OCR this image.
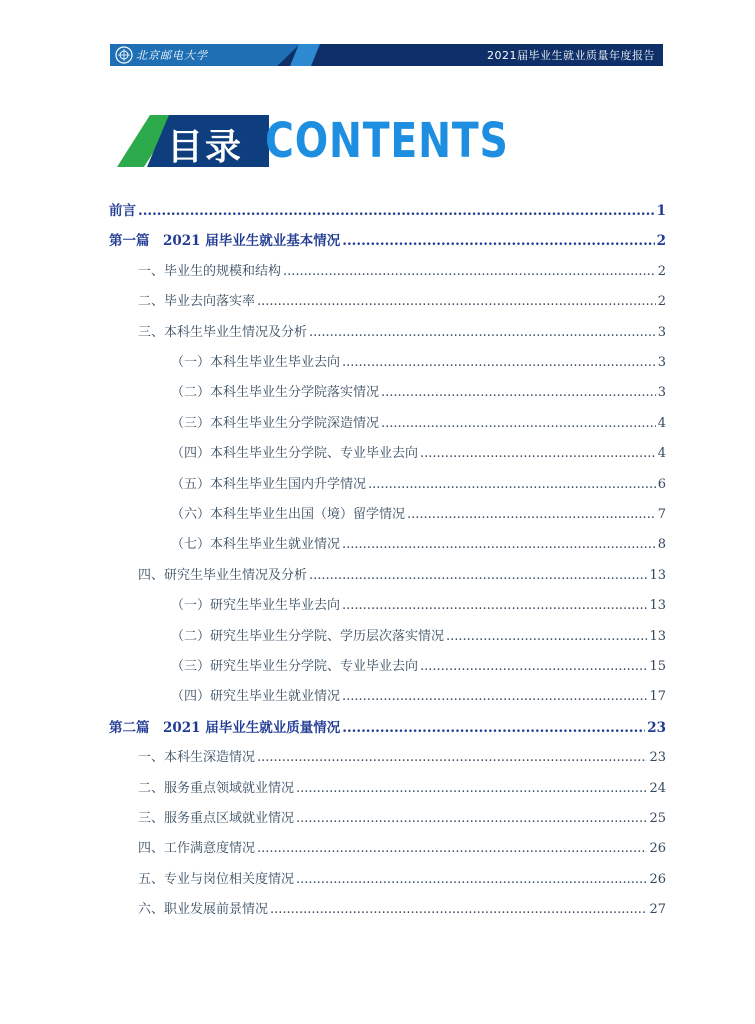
北京邮电大学	2021届毕业生就业质量年度报告
目录 CONTENTS
前言 .....	1
第一篇　2021 届毕业生就业基本情况 .....	2
一、毕业生的规模和结构 .....	2
二、毕业去向落实率 .....	2
三、本科生毕业生情况及分析 .....	3
（一）本科生毕业生毕业去向 .....	3
（二）本科生毕业生分学院落实情况 .....	3
（三）本科生毕业生分学院深造情况 .....	4
（四）本科生毕业生分学院、专业毕业去向 .....	4
（五）本科生毕业生国内升学情况 .....	6
（六）本科生毕业生出国（境）留学情况 .....	7
（七）本科生毕业生就业情况 .....	8
四、研究生毕业生情况及分析 .....	13
（一）研究生毕业生毕业去向 .....	13
（二）研究生毕业生分学院、学历层次落实情况 .....	13
（三）研究生毕业生分学院、专业毕业去向 .....	15
（四）研究生毕业生就业情况 .....	17
第二篇　2021 届毕业生就业质量情况 .....	23
一、本科生深造情况 .....	23
二、服务重点领域就业情况 .....	24
三、服务重点区域就业情况 .....	25
四、工作满意度情况 .....	26
五、专业与岗位相关度情况 .....	26
六、职业发展前景情况 .....	27
